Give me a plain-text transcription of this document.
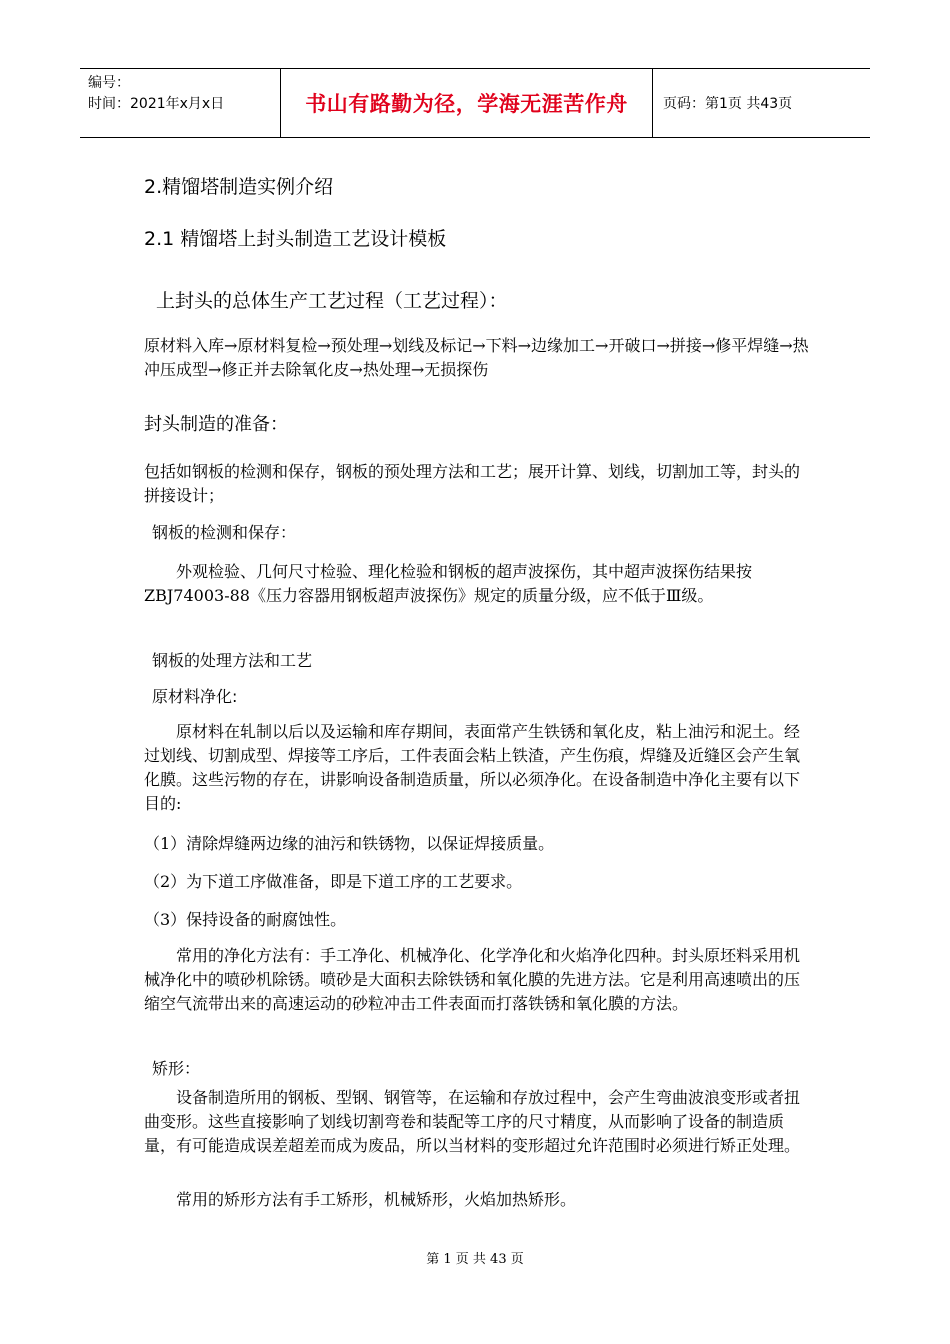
编号：
时间：2021年x月x日	书山有路勤为径，学海无涯苦作舟	页码：第1页 共43页
2.精馏塔制造实例介绍
2.1 精馏塔上封头制造工艺设计模板
上封头的总体生产工艺过程（工艺过程）：
原材料入库→原材料复检→预处理→划线及标记→下料→边缘加工→开破口→拼接→修平焊缝→热冲压成型→修正并去除氧化皮→热处理→无损探伤
封头制造的准备：
包括如钢板的检测和保存，钢板的预处理方法和工艺；展开计算、划线，切割加工等，封头的拼接设计；
钢板的检测和保存：
外观检验、几何尺寸检验、理化检验和钢板的超声波探伤，其中超声波探伤结果按ZBJ74003-88《压力容器用钢板超声波探伤》规定的质量分级，应不低于Ⅲ级。
钢板的处理方法和工艺
原材料净化:
原材料在轧制以后以及运输和库存期间，表面常产生铁锈和氧化皮，粘上油污和泥土。经过划线、切割成型、焊接等工序后，工件表面会粘上铁渣，产生伤痕，焊缝及近缝区会产生氧化膜。这些污物的存在，讲影响设备制造质量，所以必须净化。在设备制造中净化主要有以下目的:
（1）清除焊缝两边缘的油污和铁锈物，以保证焊接质量。
（2）为下道工序做准备，即是下道工序的工艺要求。
（3）保持设备的耐腐蚀性。
常用的净化方法有：手工净化、机械净化、化学净化和火焰净化四种。封头原坯料采用机械净化中的喷砂机除锈。喷砂是大面积去除铁锈和氧化膜的先进方法。它是利用高速喷出的压缩空气流带出来的高速运动的砂粒冲击工件表面而打落铁锈和氧化膜的方法。
矫形：
设备制造所用的钢板、型钢、钢管等，在运输和存放过程中，会产生弯曲波浪变形或者扭曲变形。这些直接影响了划线切割弯卷和装配等工序的尺寸精度，从而影响了设备的制造质量，有可能造成误差超差而成为废品，所以当材料的变形超过允许范围时必须进行矫正处理。
常用的矫形方法有手工矫形，机械矫形，火焰加热矫形。
第 1 页 共 43 页
